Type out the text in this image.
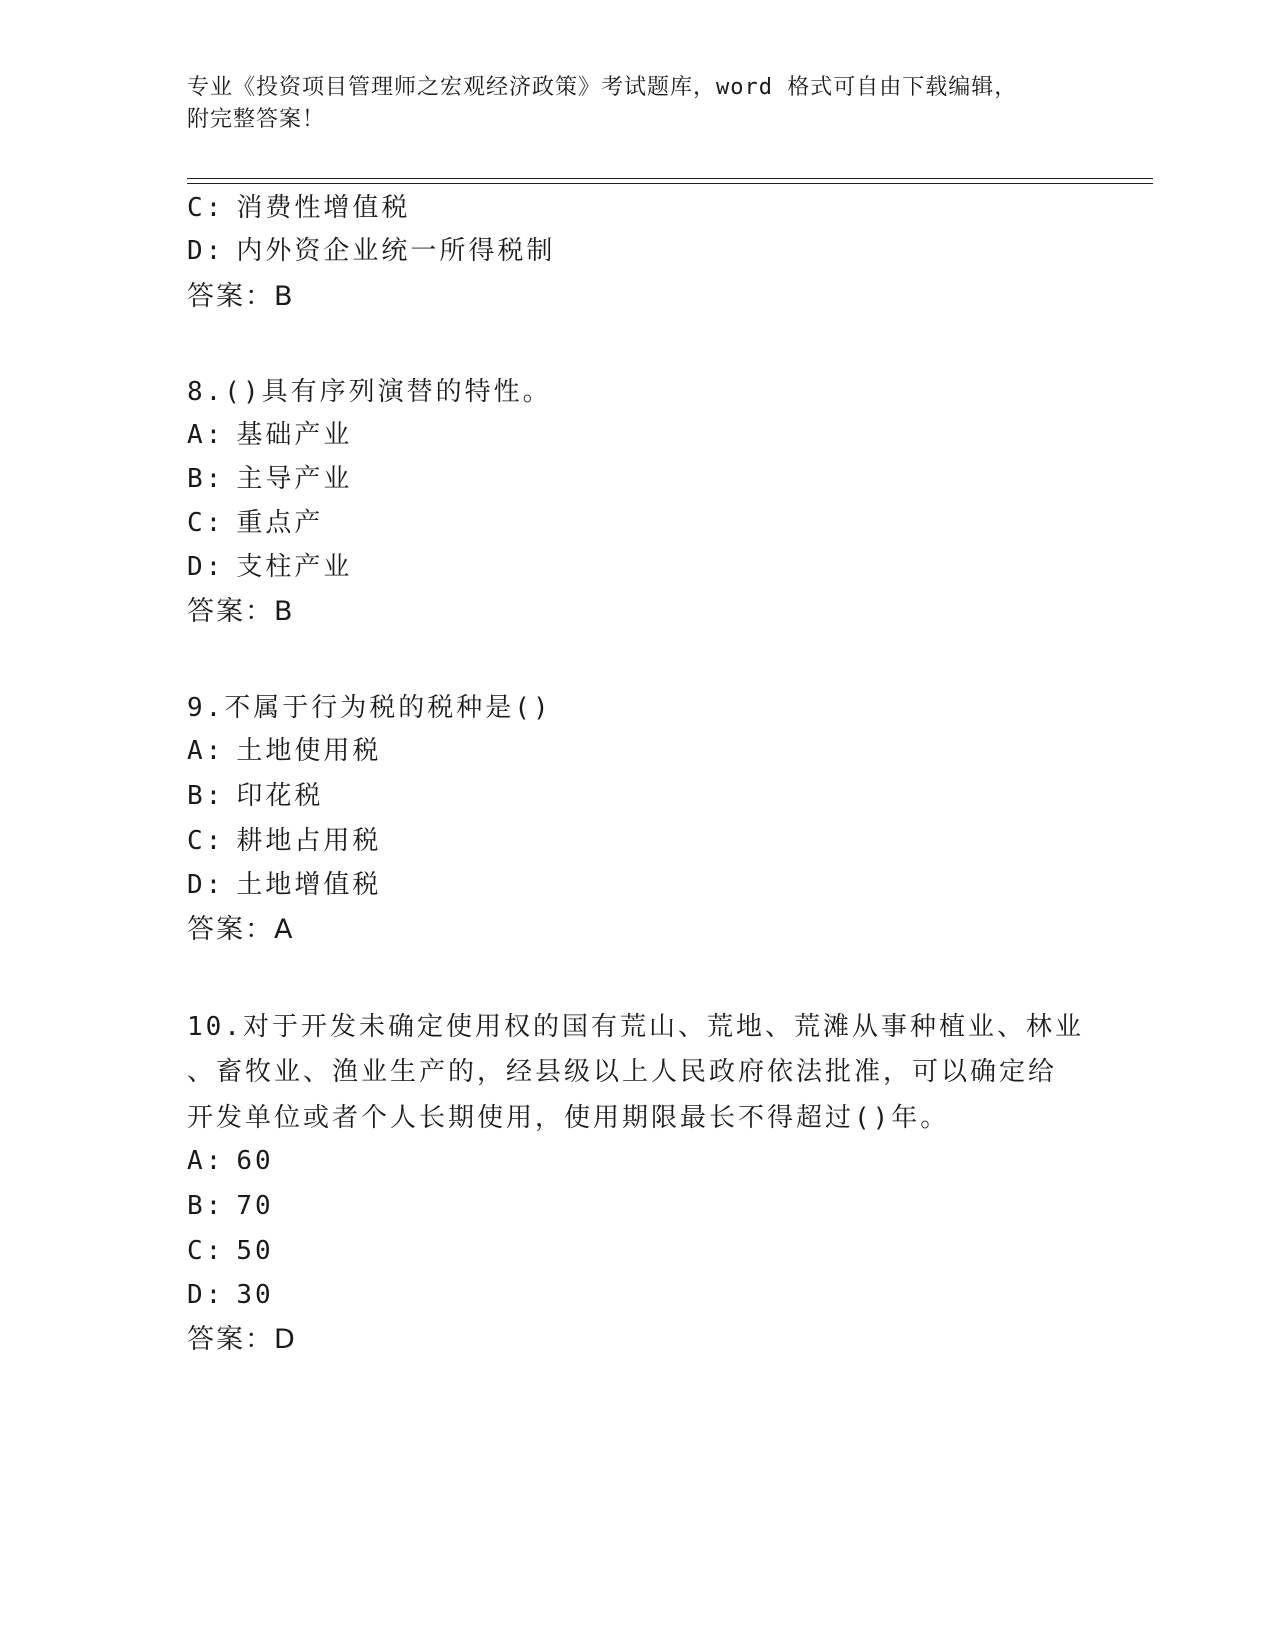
专业《投资项目管理师之宏观经济政策》考试题库，word 格式可自由下载编辑，
附完整答案！
C: 消费性增值税
D: 内外资企业统一所得税制
答案：B
8.()具有序列演替的特性。
A: 基础产业
B: 主导产业
C: 重点产
D: 支柱产业
答案：B
9.不属于行为税的税种是()
A: 土地使用税
B: 印花税
C: 耕地占用税
D: 土地增值税
答案：A
10.对于开发未确定使用权的国有荒山、荒地、荒滩从事种植业、林业
、畜牧业、渔业生产的，经县级以上人民政府依法批准，可以确定给
开发单位或者个人长期使用，使用期限最长不得超过()年。
A: 60
B: 70
C: 50
D: 30
答案：D
